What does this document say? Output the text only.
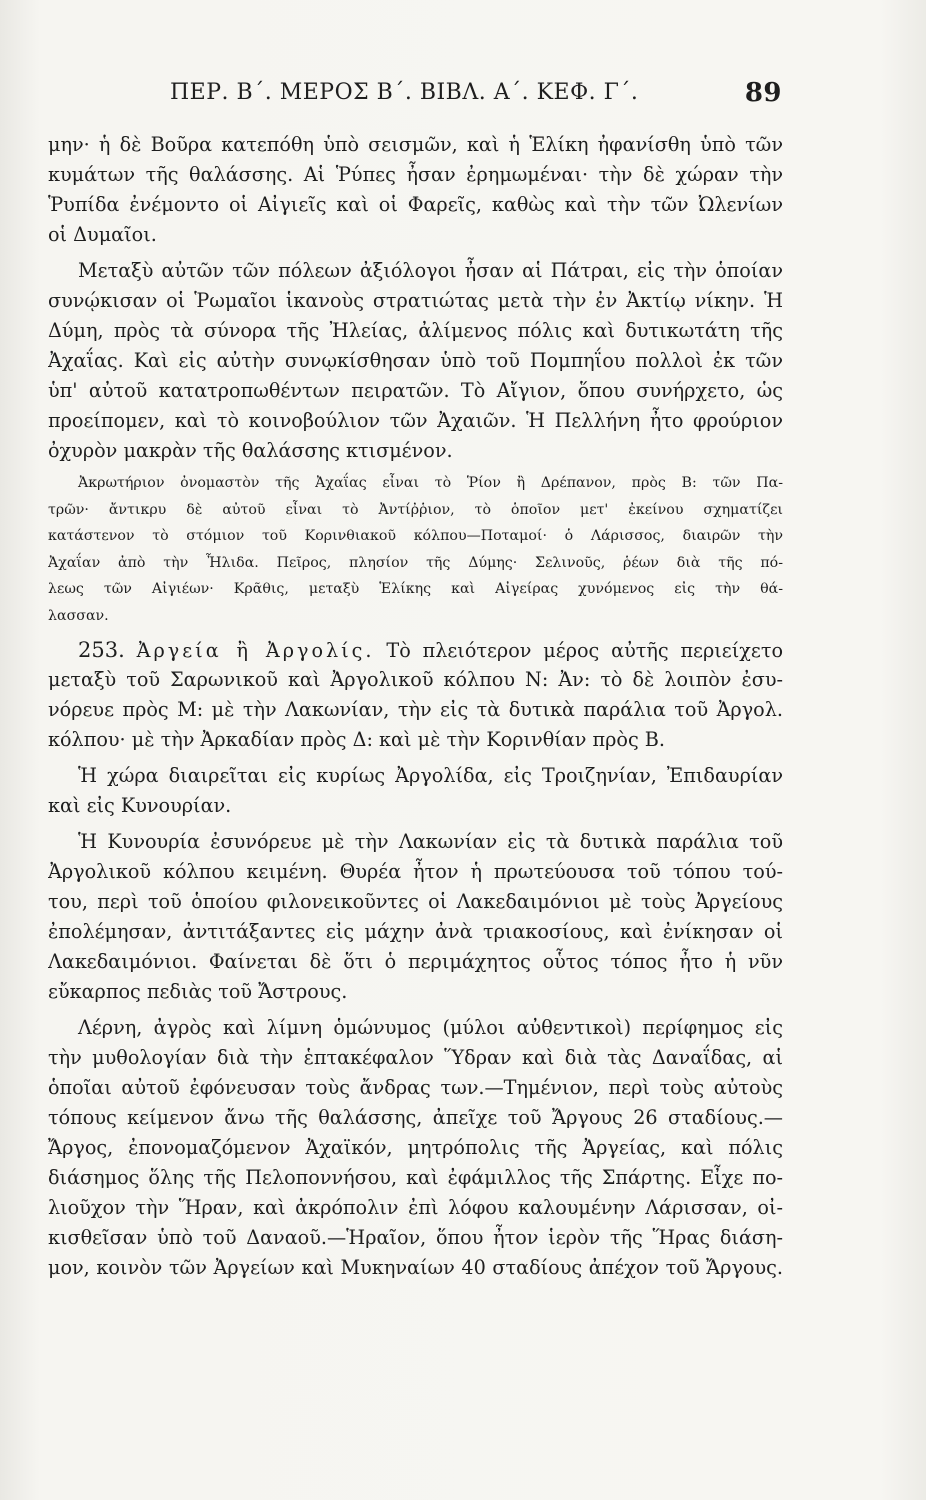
ΠΕΡ. Β΄. ΜΕΡΟΣ Β΄. ΒΙΒΛ. Α΄. ΚΕΦ. Γ΄.	89
μην· ἡ δὲ Βοῦρα κατεπόθη ὑπὸ σεισμῶν, καὶ ἡ Ἑλίκη ἠφανίσθη ὑπὸ τῶν
κυμάτων τῆς θαλάσσης. Αἱ Ῥύπες ἦσαν ἐρημωμέναι· τὴν δὲ χώραν τὴν
Ῥυπίδα ἐνέμοντο οἱ Αἰγιεῖς καὶ οἱ Φαρεῖς, καθὼς καὶ τὴν τῶν Ὠλενίων
οἱ Δυμαῖοι.
Μεταξὺ αὐτῶν τῶν πόλεων ἀξιόλογοι ἦσαν αἱ Πάτραι, εἰς τὴν ὁποίαν
συνῴκισαν οἱ Ῥωμαῖοι ἱκανοὺς στρατιώτας μετὰ τὴν ἐν Ἀκτίῳ νίκην. Ἡ
Δύμη, πρὸς τὰ σύνορα τῆς Ἠλείας, ἀλίμενος πόλις καὶ δυτικωτάτη τῆς
Ἀχαΐας. Καὶ εἰς αὐτὴν συνῳκίσθησαν ὑπὸ τοῦ Πομπηΐου πολλοὶ ἐκ τῶν
ὑπ' αὐτοῦ κατατροπωθέντων πειρατῶν. Τὸ Αἴγιον, ὅπου συνήρχετο, ὡς
προείπομεν, καὶ τὸ κοινοβούλιον τῶν Ἀχαιῶν. Ἡ Πελλήνη ἦτο φρούριον
ὀχυρὸν μακρὰν τῆς θαλάσσης κτισμένον.
Ἀκρωτήριον ὀνομαστὸν τῆς Ἀχαΐας εἶναι τὸ Ῥίον ἢ Δρέπανον, πρὸς Β: τῶν Πα-
τρῶν· ἄντικρυ δὲ αὐτοῦ εἶναι τὸ Ἀντίῤῥιον, τὸ ὁποῖον μετ' ἐκείνου σχηματίζει
κατάστενον τὸ στόμιον τοῦ Κορινθιακοῦ κόλπου—Ποταμοί· ὁ Λάρισσος, διαιρῶν τὴν
Ἀχαΐαν ἀπὸ τὴν Ἦλιδα. Πεῖρος, πλησίον τῆς Δύμης· Σελινοῦς, ῥέων διὰ τῆς πό-
λεως τῶν Αἰγιέων· Κρᾶθις, μεταξὺ Ἑλίκης καὶ Αἰγείρας χυνόμενος εἰς τὴν θά-
λασσαν.
253. Ἀργεία ἢ Ἀργολίς. Τὸ πλειότερον μέρος αὐτῆς περιείχετο
μεταξὺ τοῦ Σαρωνικοῦ καὶ Ἀργολικοῦ κόλπου Ν: Ἀν: τὸ δὲ λοιπὸν ἐσυ-
νόρευε πρὸς Μ: μὲ τὴν Λακωνίαν, τὴν εἰς τὰ δυτικὰ παράλια τοῦ Ἀργολ.
κόλπου· μὲ τὴν Ἀρκαδίαν πρὸς Δ: καὶ μὲ τὴν Κορινθίαν πρὸς Β.
Ἡ χώρα διαιρεῖται εἰς κυρίως Ἀργολίδα, εἰς Τροιζηνίαν, Ἐπιδαυρίαν
καὶ εἰς Κυνουρίαν.
Ἡ Κυνουρία ἐσυνόρευε μὲ τὴν Λακωνίαν εἰς τὰ δυτικὰ παράλια τοῦ
Ἀργολικοῦ κόλπου κειμένη. Θυρέα ἦτον ἡ πρωτεύουσα τοῦ τόπου τού-
του, περὶ τοῦ ὁποίου φιλονεικοῦντες οἱ Λακεδαιμόνιοι μὲ τοὺς Ἀργείους
ἐπολέμησαν, ἀντιτάξαντες εἰς μάχην ἀνὰ τριακοσίους, καὶ ἐνίκησαν οἱ
Λακεδαιμόνιοι. Φαίνεται δὲ ὅτι ὁ περιμάχητος οὗτος τόπος ἦτο ἡ νῦν
εὔκαρπος πεδιὰς τοῦ Ἄστρους.
Λέρνη, ἀγρὸς καὶ λίμνη ὁμώνυμος (μύλοι αὐθεντικοὶ) περίφημος εἰς
τὴν μυθολογίαν διὰ τὴν ἑπτακέφαλον Ὕδραν καὶ διὰ τὰς Δαναΐδας, αἱ
ὁποῖαι αὐτοῦ ἐφόνευσαν τοὺς ἄνδρας των.—Τημένιον, περὶ τοὺς αὐτοὺς
τόπους κείμενον ἄνω τῆς θαλάσσης, ἀπεῖχε τοῦ Ἄργους 26 σταδίους.—
Ἄργος, ἐπονομαζόμενον Ἀχαϊκόν, μητρόπολις τῆς Ἀργείας, καὶ πόλις
διάσημος ὅλης τῆς Πελοποννήσου, καὶ ἐφάμιλλος τῆς Σπάρτης. Εἶχε πο-
λιοῦχον τὴν Ἥραν, καὶ ἀκρόπολιν ἐπὶ λόφου καλουμένην Λάρισσαν, οἰ-
κισθεῖσαν ὑπὸ τοῦ Δαναοῦ.—Ἡραῖον, ὅπου ἦτον ἱερὸν τῆς Ἥρας διάση-
μον, κοινὸν τῶν Ἀργείων καὶ Μυκηναίων 40 σταδίους ἀπέχον τοῦ Ἄργους.
